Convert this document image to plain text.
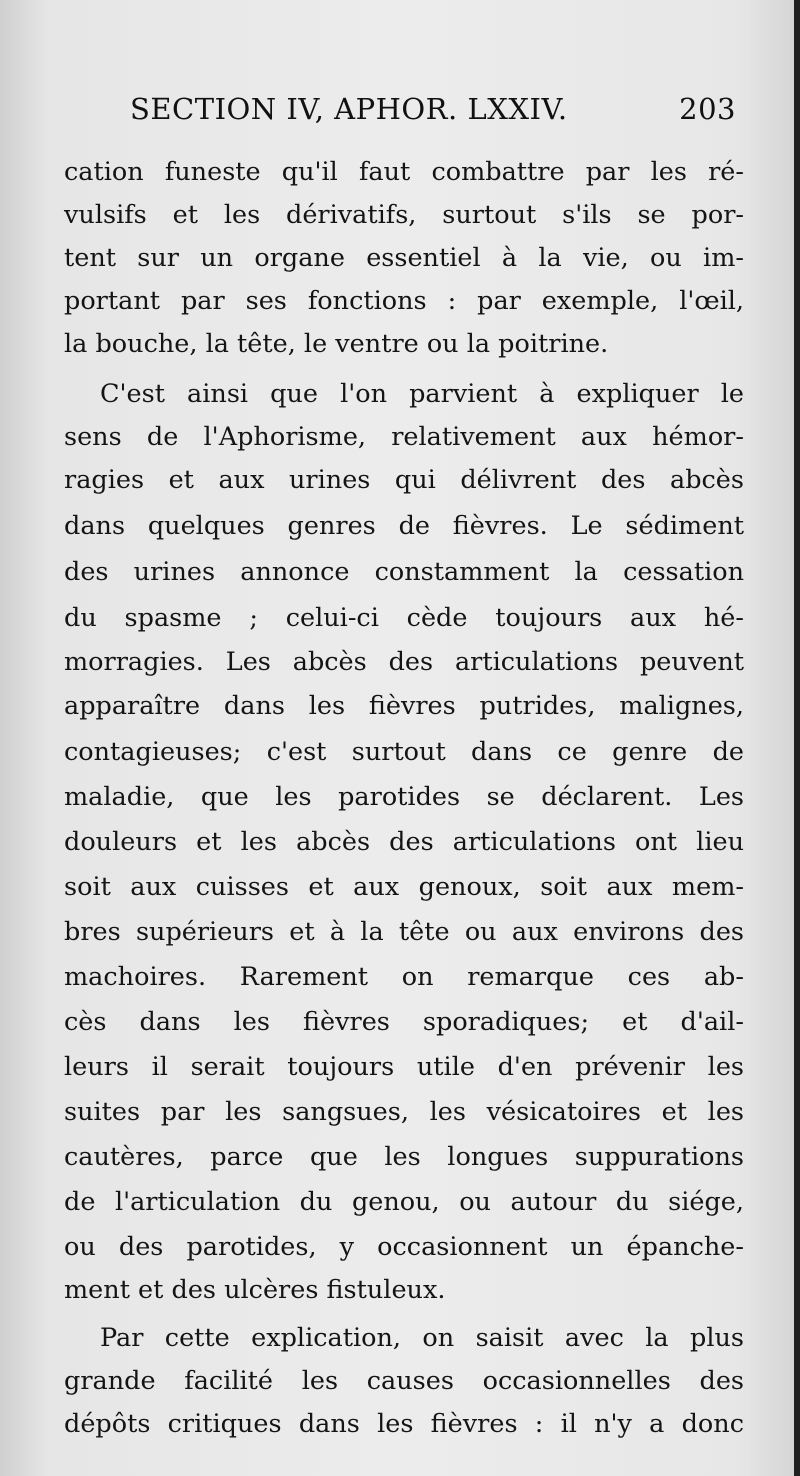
SECTION IV, APHOR. LXXIV.	203
cation funeste qu'il faut combattre par les ré-
vulsifs et les dérivatifs, surtout s'ils se por-
tent sur un organe essentiel à la vie, ou im-
portant par ses fonctions : par exemple, l'œil,
la bouche, la tête, le ventre ou la poitrine.
C'est ainsi que l'on parvient à expliquer le
sens de l'Aphorisme, relativement aux hémor-
ragies et aux urines qui délivrent des abcès
dans quelques genres de fièvres. Le sédiment
des urines annonce constamment la cessation
du spasme ; celui-ci cède toujours aux hé-
morragies. Les abcès des articulations peuvent
apparaître dans les fièvres putrides, malignes,
contagieuses; c'est surtout dans ce genre de
maladie, que les parotides se déclarent. Les
douleurs et les abcès des articulations ont lieu
soit aux cuisses et aux genoux, soit aux mem-
bres supérieurs et à la tête ou aux environs des
machoires. Rarement on remarque ces ab-
cès dans les fièvres sporadiques; et d'ail-
leurs il serait toujours utile d'en prévenir les
suites par les sangsues, les vésicatoires et les
cautères, parce que les longues suppurations
de l'articulation du genou, ou autour du siége,
ou des parotides, y occasionnent un épanche-
ment et des ulcères fistuleux.
Par cette explication, on saisit avec la plus
grande facilité les causes occasionnelles des
dépôts critiques dans les fièvres : il n'y a donc
